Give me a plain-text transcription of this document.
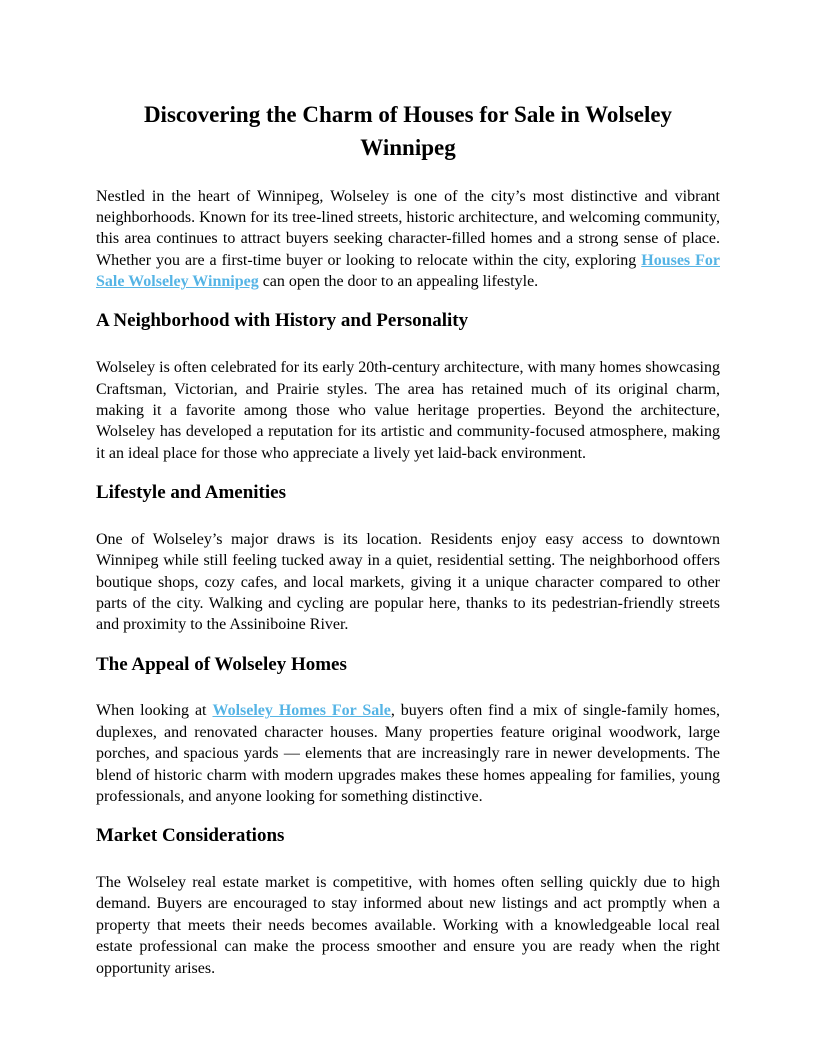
Discovering the Charm of Houses for Sale in Wolseley Winnipeg

Nestled in the heart of Winnipeg, Wolseley is one of the city’s most distinctive and vibrant neighborhoods. Known for its tree-lined streets, historic architecture, and welcoming community, this area continues to attract buyers seeking character-filled homes and a strong sense of place. Whether you are a first-time buyer or looking to relocate within the city, exploring Houses For Sale Wolseley Winnipeg can open the door to an appealing lifestyle.

A Neighborhood with History and Personality

Wolseley is often celebrated for its early 20th-century architecture, with many homes showcasing Craftsman, Victorian, and Prairie styles. The area has retained much of its original charm, making it a favorite among those who value heritage properties. Beyond the architecture, Wolseley has developed a reputation for its artistic and community-focused atmosphere, making it an ideal place for those who appreciate a lively yet laid-back environment.

Lifestyle and Amenities

One of Wolseley’s major draws is its location. Residents enjoy easy access to downtown Winnipeg while still feeling tucked away in a quiet, residential setting. The neighborhood offers boutique shops, cozy cafes, and local markets, giving it a unique character compared to other parts of the city. Walking and cycling are popular here, thanks to its pedestrian-friendly streets and proximity to the Assiniboine River.

The Appeal of Wolseley Homes

When looking at Wolseley Homes For Sale, buyers often find a mix of single-family homes, duplexes, and renovated character houses. Many properties feature original woodwork, large porches, and spacious yards — elements that are increasingly rare in newer developments. The blend of historic charm with modern upgrades makes these homes appealing for families, young professionals, and anyone looking for something distinctive.

Market Considerations

The Wolseley real estate market is competitive, with homes often selling quickly due to high demand. Buyers are encouraged to stay informed about new listings and act promptly when a property that meets their needs becomes available. Working with a knowledgeable local real estate professional can make the process smoother and ensure you are ready when the right opportunity arises.
